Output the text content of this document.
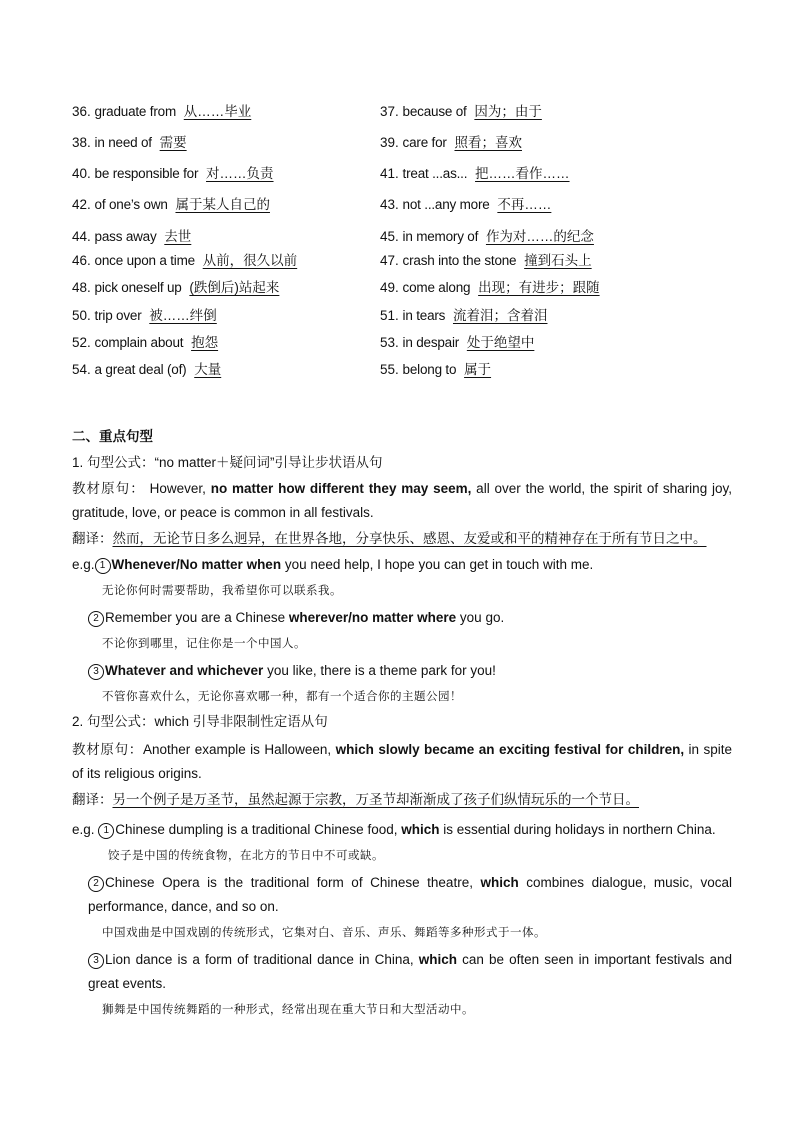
36. graduate from 从……毕业	37. because of 因为；由于
38. in need of 需要	39. care for 照看；喜欢
40. be responsible for 对……负责	41. treat ...as... 把……看作……
42. of one’s own 属于某人自己的	43. not ...any more 不再……
44. pass away 去世	45. in memory of 作为对……的纪念
46. once upon a time 从前，很久以前	47. crash into the stone 撞到石头上
48. pick oneself up (跌倒后)站起来	49. come along 出现；有进步；跟随
50. trip over 被……绊倒	51. in tears 流着泪；含着泪
52. complain about 抱怨	53. in despair 处于绝望中
54. a great deal (of) 大量	55. belong to 属于
二、重点句型
1. 句型公式：“no matter＋疑问词”引导让步状语从句
教材原句： However, no matter how different they may seem, all over the world, the spirit of sharing joy, gratitude, love, or peace is common in all festivals.
翻译：然而，无论节日多么迥异，在世界各地，分享快乐、感恩、友爱或和平的精神存在于所有节日之中。
e.g. 1 Whenever/No matter when you need help, I hope you can get in touch with me.
无论你何时需要帮助，我希望你可以联系我。
2 Remember you are a Chinese wherever/no matter where you go.
不论你到哪里，记住你是一个中国人。
3 Whatever and whichever you like, there is a theme park for you!
不管你喜欢什么，无论你喜欢哪一种，都有一个适合你的主题公园！
2. 句型公式：which 引导非限制性定语从句
教材原句：Another example is Halloween, which slowly became an exciting festival for children, in spite of its religious origins.
翻译：另一个例子是万圣节，虽然起源于宗教，万圣节却渐渐成了孩子们纵情玩乐的一个节日。
e.g. 1 Chinese dumpling is a traditional Chinese food, which is essential during holidays in northern China.
饺子是中国的传统食物，在北方的节日中不可或缺。
2 Chinese Opera is the traditional form of Chinese theatre, which combines dialogue, music, vocal performance, dance, and so on.
中国戏曲是中国戏剧的传统形式，它集对白、音乐、声乐、舞蹈等多种形式于一体。
3 Lion dance is a form of traditional dance in China, which can be often seen in important festivals and great events.
狮舞是中国传统舞蹈的一种形式，经常出现在重大节日和大型活动中。
